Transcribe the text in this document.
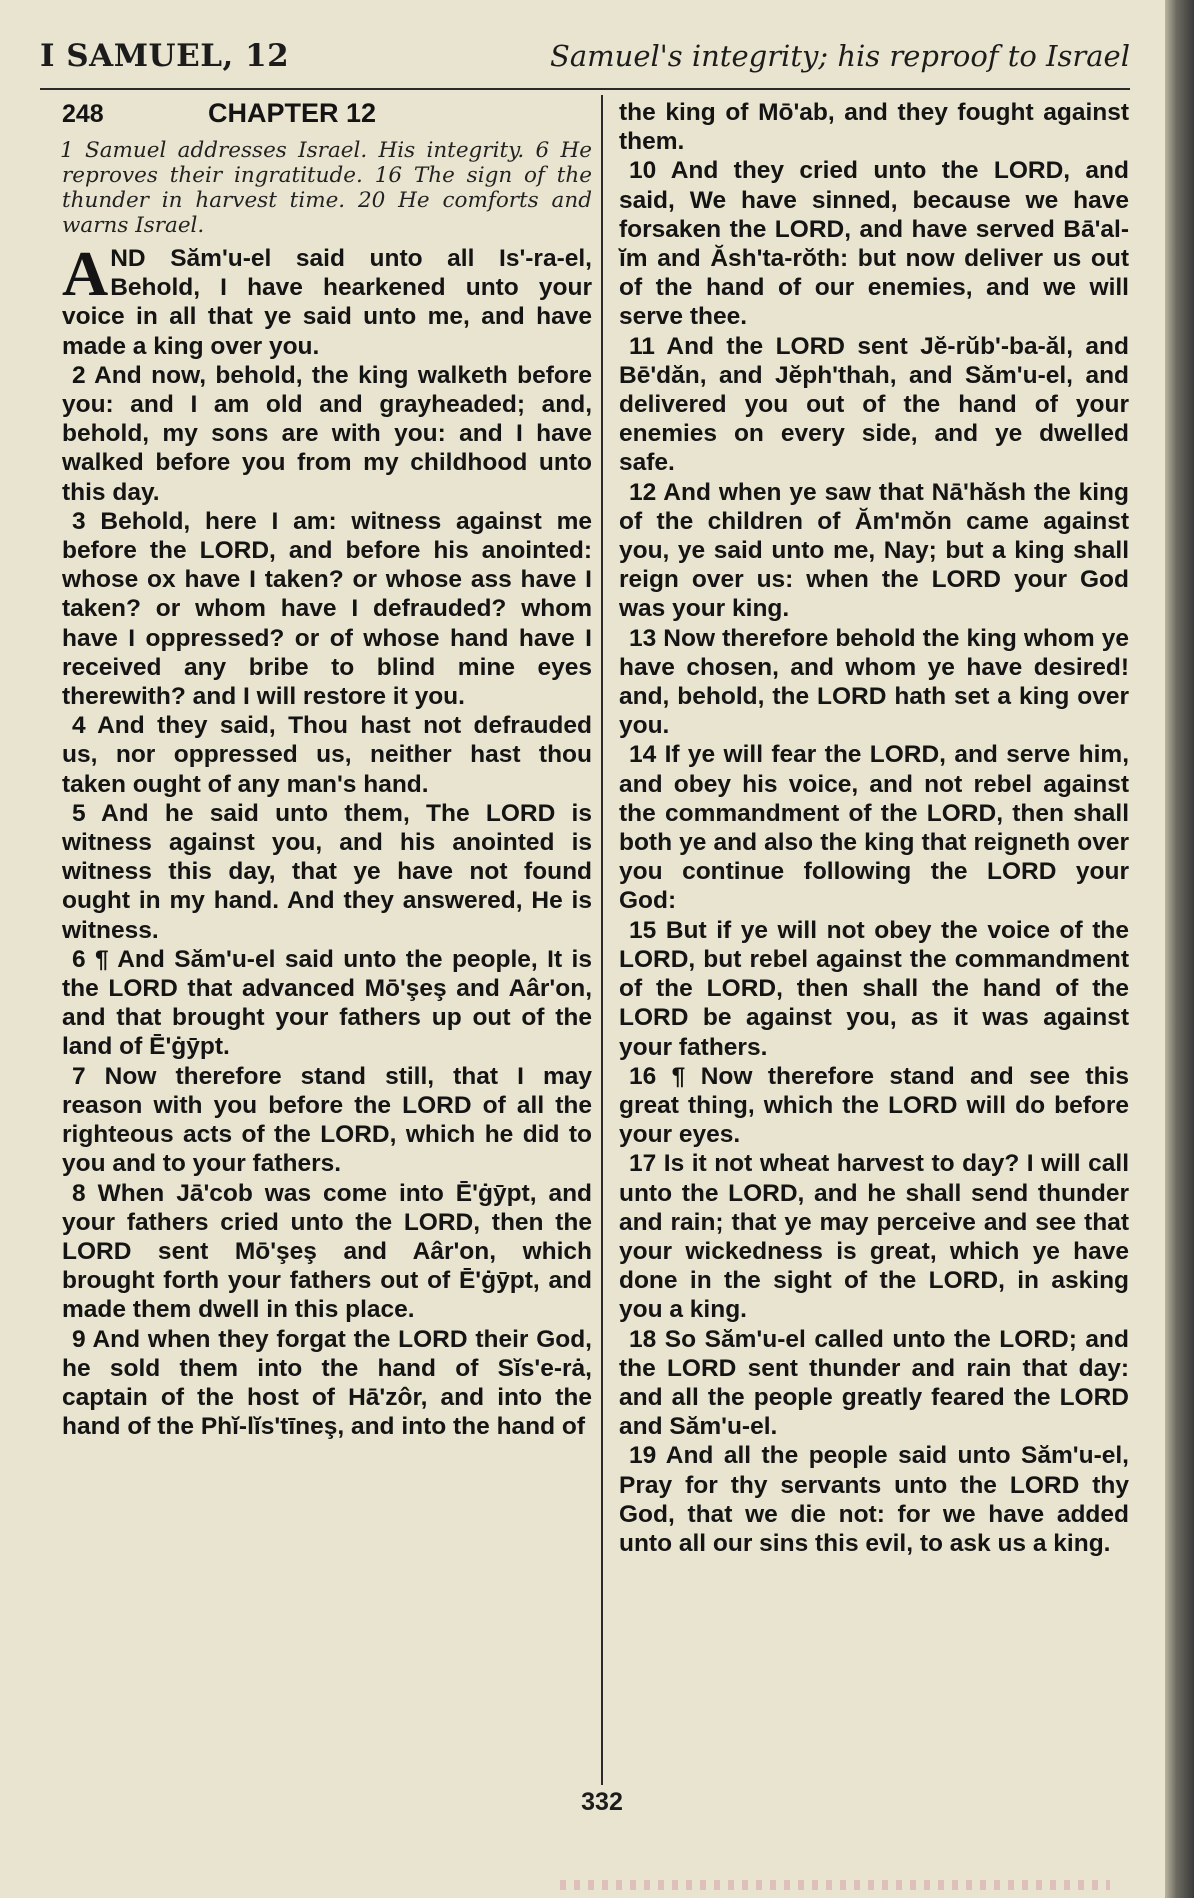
I SAMUEL, 12	Samuel's integrity; his reproof to Israel
248	CHAPTER 12

1 Samuel addresses Israel. His integrity. 6 He reproves their ingratitude. 16 The sign of the thunder in harvest time. 20 He comforts and warns Israel.

AND Săm'u-el said unto all Is'-ra-el, Behold, I have hearkened unto your voice in all that ye said unto me, and have made a king over you.

2 And now, behold, the king walketh before you: and I am old and grayheaded; and, behold, my sons are with you: and I have walked before you from my childhood unto this day.

3 Behold, here I am: witness against me before the LORD, and before his anointed: whose ox have I taken? or whose ass have I taken? or whom have I defrauded? whom have I oppressed? or of whose hand have I received any bribe to blind mine eyes therewith? and I will restore it you.

4 And they said, Thou hast not defrauded us, nor oppressed us, neither hast thou taken ought of any man's hand.

5 And he said unto them, The LORD is witness against you, and his anointed is witness this day, that ye have not found ought in my hand. And they answered, He is witness.

6 ¶ And Săm'u-el said unto the people, It is the LORD that advanced Mō'şeş and Aâr'on, and that brought your fathers up out of the land of Ē'ġȳpt.

7 Now therefore stand still, that I may reason with you before the LORD of all the righteous acts of the LORD, which he did to you and to your fathers.

8 When Jā'cob was come into Ē'ġȳpt, and your fathers cried unto the LORD, then the LORD sent Mō'şeş and Aâr'on, which brought forth your fathers out of Ē'ġȳpt, and made them dwell in this place.

9 And when they forgat the LORD their God, he sold them into the hand of Sĭs'e-rȧ, captain of the host of Hā'zôr, and into the hand of the Phĭ-lĭs'tīneş, and into the hand of

the king of Mō'ab, and they fought against them.

10 And they cried unto the LORD, and said, We have sinned, because we have forsaken the LORD, and have served Bā'al-ĭm and Ăsh'ta-rŏth: but now deliver us out of the hand of our enemies, and we will serve thee.

11 And the LORD sent Jĕ-rŭb'-ba-ăl, and Bē'dăn, and Jĕph'thah, and Săm'u-el, and delivered you out of the hand of your enemies on every side, and ye dwelled safe.

12 And when ye saw that Nā'hăsh the king of the children of Ăm'mŏn came against you, ye said unto me, Nay; but a king shall reign over us: when the LORD your God was your king.

13 Now therefore behold the king whom ye have chosen, and whom ye have desired! and, behold, the LORD hath set a king over you.

14 If ye will fear the LORD, and serve him, and obey his voice, and not rebel against the commandment of the LORD, then shall both ye and also the king that reigneth over you continue following the LORD your God:

15 But if ye will not obey the voice of the LORD, but rebel against the commandment of the LORD, then shall the hand of the LORD be against you, as it was against your fathers.

16 ¶ Now therefore stand and see this great thing, which the LORD will do before your eyes.

17 Is it not wheat harvest to day? I will call unto the LORD, and he shall send thunder and rain; that ye may perceive and see that your wickedness is great, which ye have done in the sight of the LORD, in asking you a king.

18 So Săm'u-el called unto the LORD; and the LORD sent thunder and rain that day: and all the people greatly feared the LORD and Săm'u-el.

19 And all the people said unto Săm'u-el, Pray for thy servants unto the LORD thy God, that we die not: for we have added unto all our sins this evil, to ask us a king.

332
